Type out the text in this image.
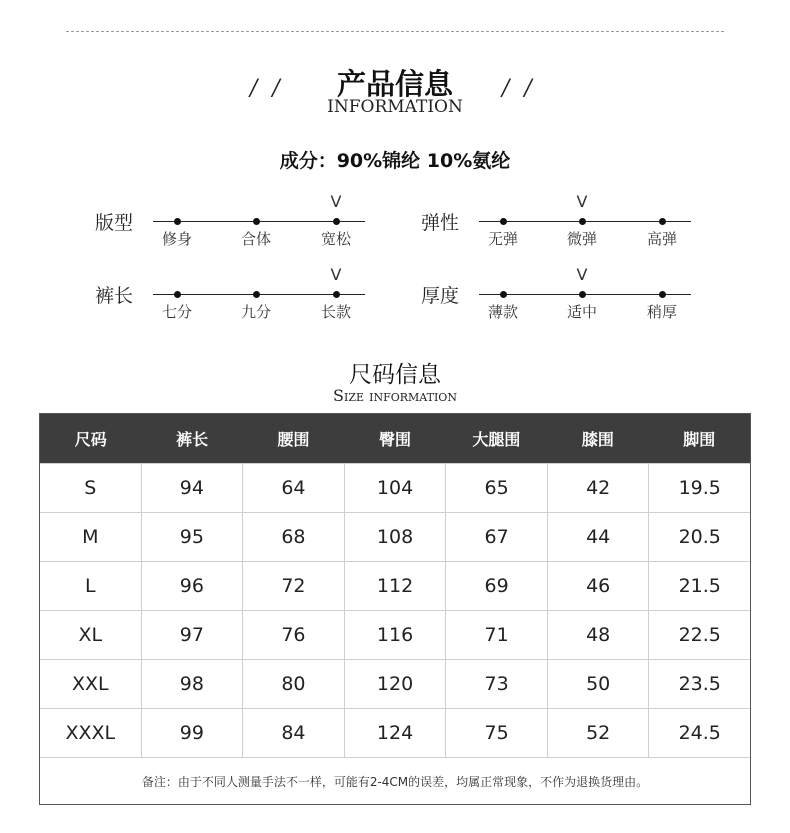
/ /	/ /
产品信息
INFORMATION
成分：90%锦纶 10%氨纶
版型
修身	合体
V
宽松
弹性
无弹
V
微弹	高弹
裤长
七分	九分
V
长款
厚度
薄款
V
适中	稍厚
尺码信息
Size information
尺码	裤长	腰围	臀围	大腿围	膝围	脚围
S	94	64	104	65	42	19.5
M	95	68	108	67	44	20.5
L	96	72	112	69	46	21.5
XL	97	76	116	71	48	22.5
XXL	98	80	120	73	50	23.5
XXXL	99	84	124	75	52	24.5
备注：由于不同人测量手法不一样，可能有2-4CM的误差，均属正常现象，不作为退换货理由。
